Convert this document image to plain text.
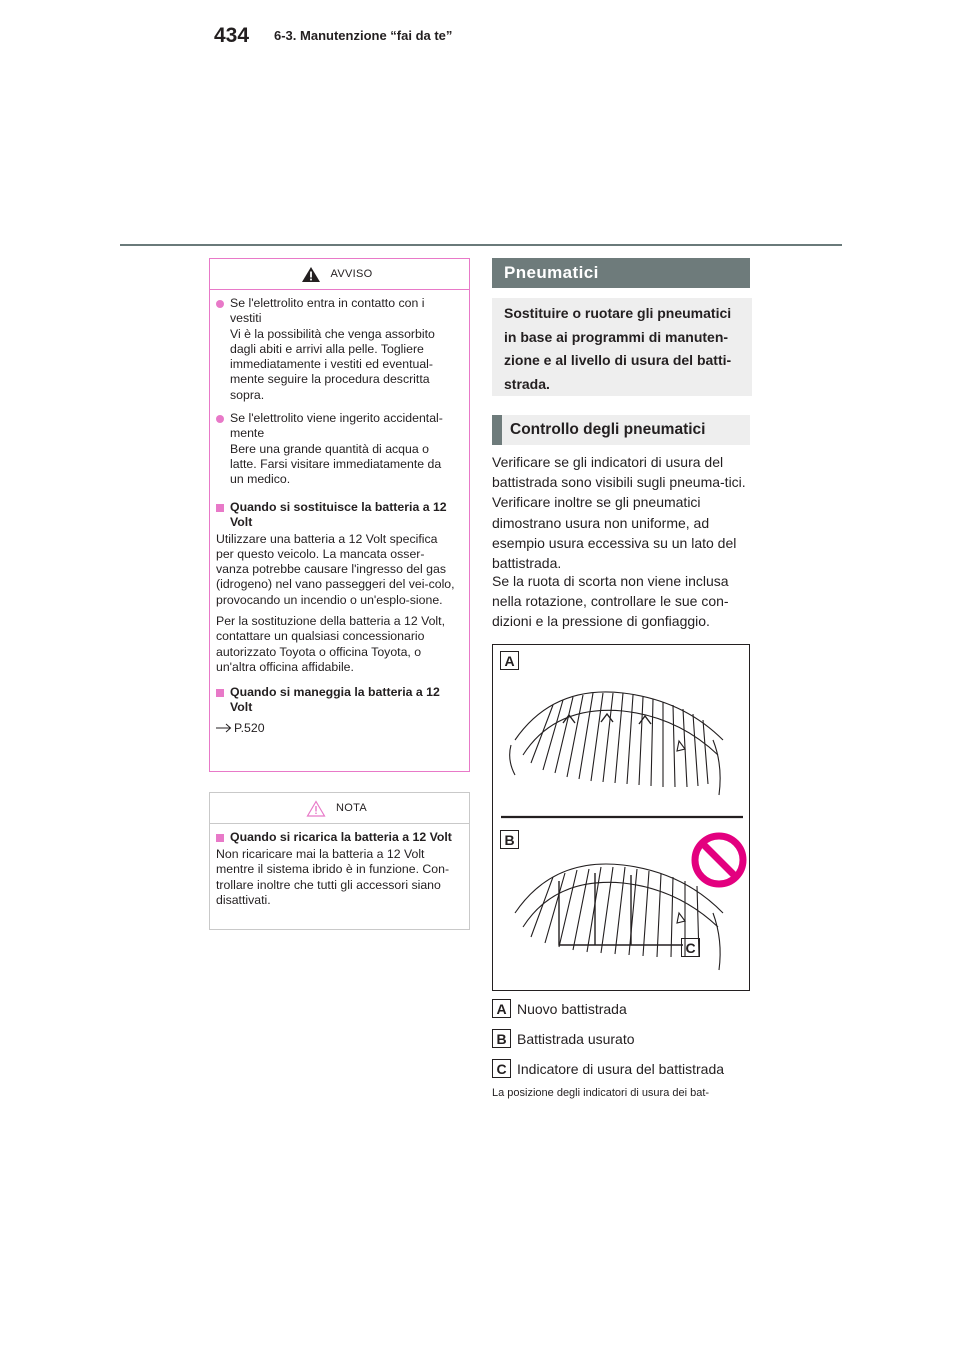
434 6-3. Manutenzione “fai da te”
AVVISO
Se l'elettrolito entra in contatto con i vestiti
Vi è la possibilità che venga assorbito dagli abiti e arrivi alla pelle. Togliere immediatamente i vestiti ed eventual-mente seguire la procedura descritta sopra.
Se l'elettrolito viene ingerito accidental-mente
Bere una grande quantità di acqua o latte. Farsi visitare immediatamente da un medico.
Quando si sostituisce la batteria a 12 Volt
Utilizzare una batteria a 12 Volt specifica per questo veicolo. La mancata osser-vanza potrebbe causare l'ingresso del gas (idrogeno) nel vano passeggeri del vei-colo, provocando un incendio o un'esplo-sione.
Per la sostituzione della batteria a 12 Volt, contattare un qualsiasi concessionario autorizzato Toyota o officina Toyota, o un'altra officina affidabile.
Quando si maneggia la batteria a 12 Volt
P.520
NOTA
Quando si ricarica la batteria a 12 Volt
Non ricaricare mai la batteria a 12 Volt mentre il sistema ibrido è in funzione. Con-trollare inoltre che tutti gli accessori siano disattivati.
Pneumatici
Sostituire o ruotare gli pneumatici in base ai programmi di manuten-zione e al livello di usura del batti-strada.
Controllo degli pneumatici
Verificare se gli indicatori di usura del battistrada sono visibili sugli pneuma-tici. Verificare inoltre se gli pneumatici dimostrano usura non uniforme, ad esempio usura eccessiva su un lato del battistrada.
Se la ruota di scorta non viene inclusa nella rotazione, controllare le sue con-dizioni e la pressione di gonfiaggio.
A
B
C
A Nuovo battistrada
B Battistrada usurato
C Indicatore di usura del battistrada
La posizione degli indicatori di usura dei bat-
